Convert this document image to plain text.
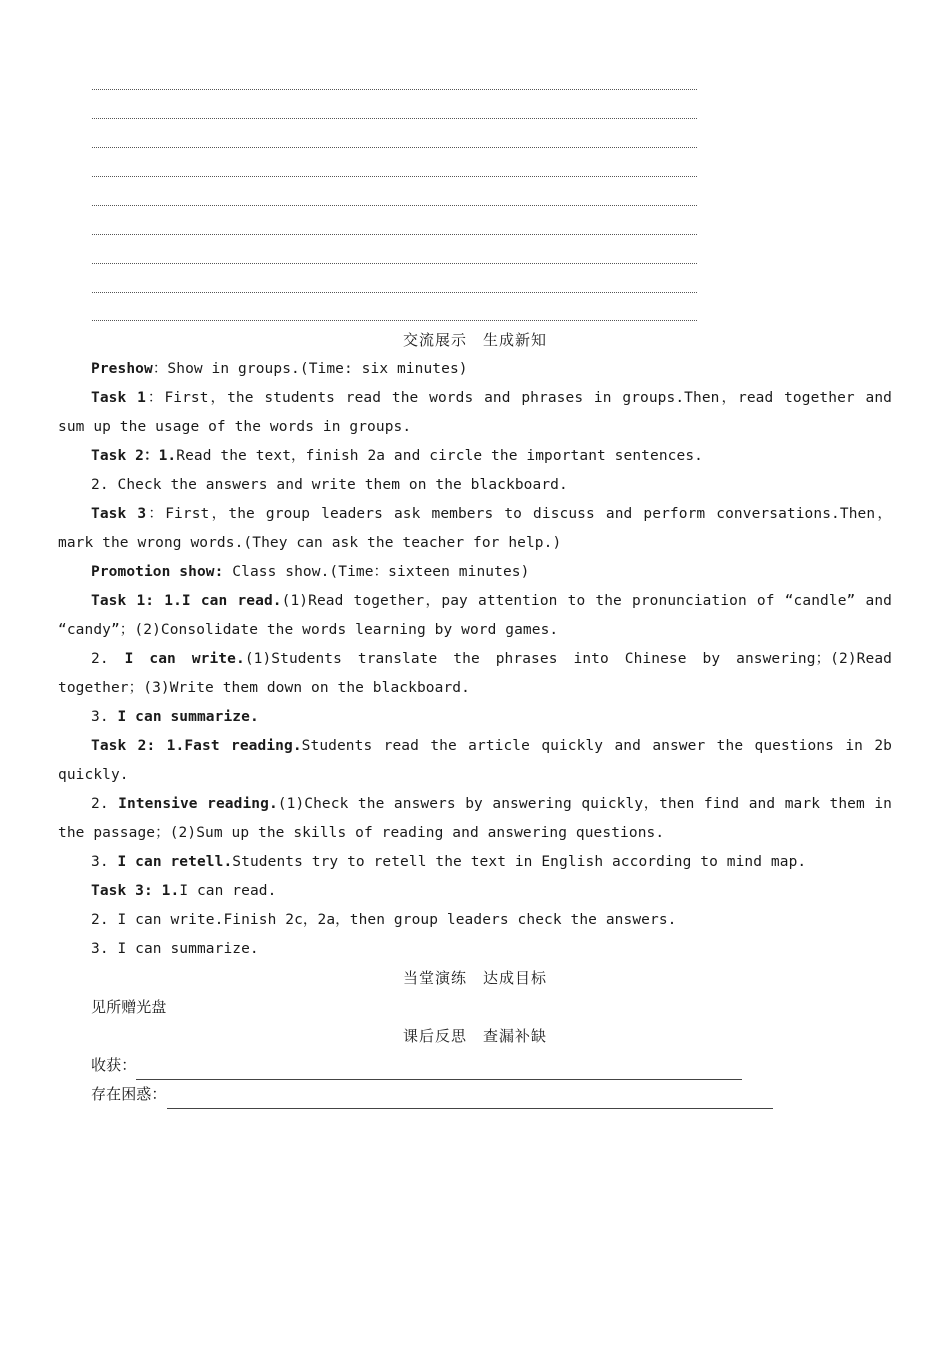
交流展示　生成新知

Preshow：Show in groups.(Time: six minutes)

Task 1：First，the students read the words and phrases in groups.Then，read together and sum up the usage of the words in groups.

Task 2：1.Read the text，finish 2a and circle the important sentences.

2. Check the answers and write them on the blackboard.

Task 3：First，the group leaders ask members to discuss and perform conversations.Then，mark the wrong words.(They can ask the teacher for help.)

Promotion show: Class show.(Time：sixteen minutes)

Task 1: 1.I can read.(1)Read together，pay attention to the pronunciation of “candle” and “candy”；(2)Consolidate the words learning by word games.

2. I can write.(1)Students translate the phrases into Chinese by answering；(2)Read together；(3)Write them down on the blackboard.

3. I can summarize.

Task 2: 1.Fast reading.Students read the article quickly and answer the questions in 2b quickly.

2. Intensive reading.(1)Check the answers by answering quickly，then find and mark them in the passage；(2)Sum up the skills of reading and answering questions.

3. I can retell.Students try to retell the text in English according to mind map.

Task 3: 1.I can read.

2. I can write.Finish 2c，2a，then group leaders check the answers.

3. I can summarize.

当堂演练　达成目标

见所赠光盘

课后反思　查漏补缺

收获：

存在困惑：
